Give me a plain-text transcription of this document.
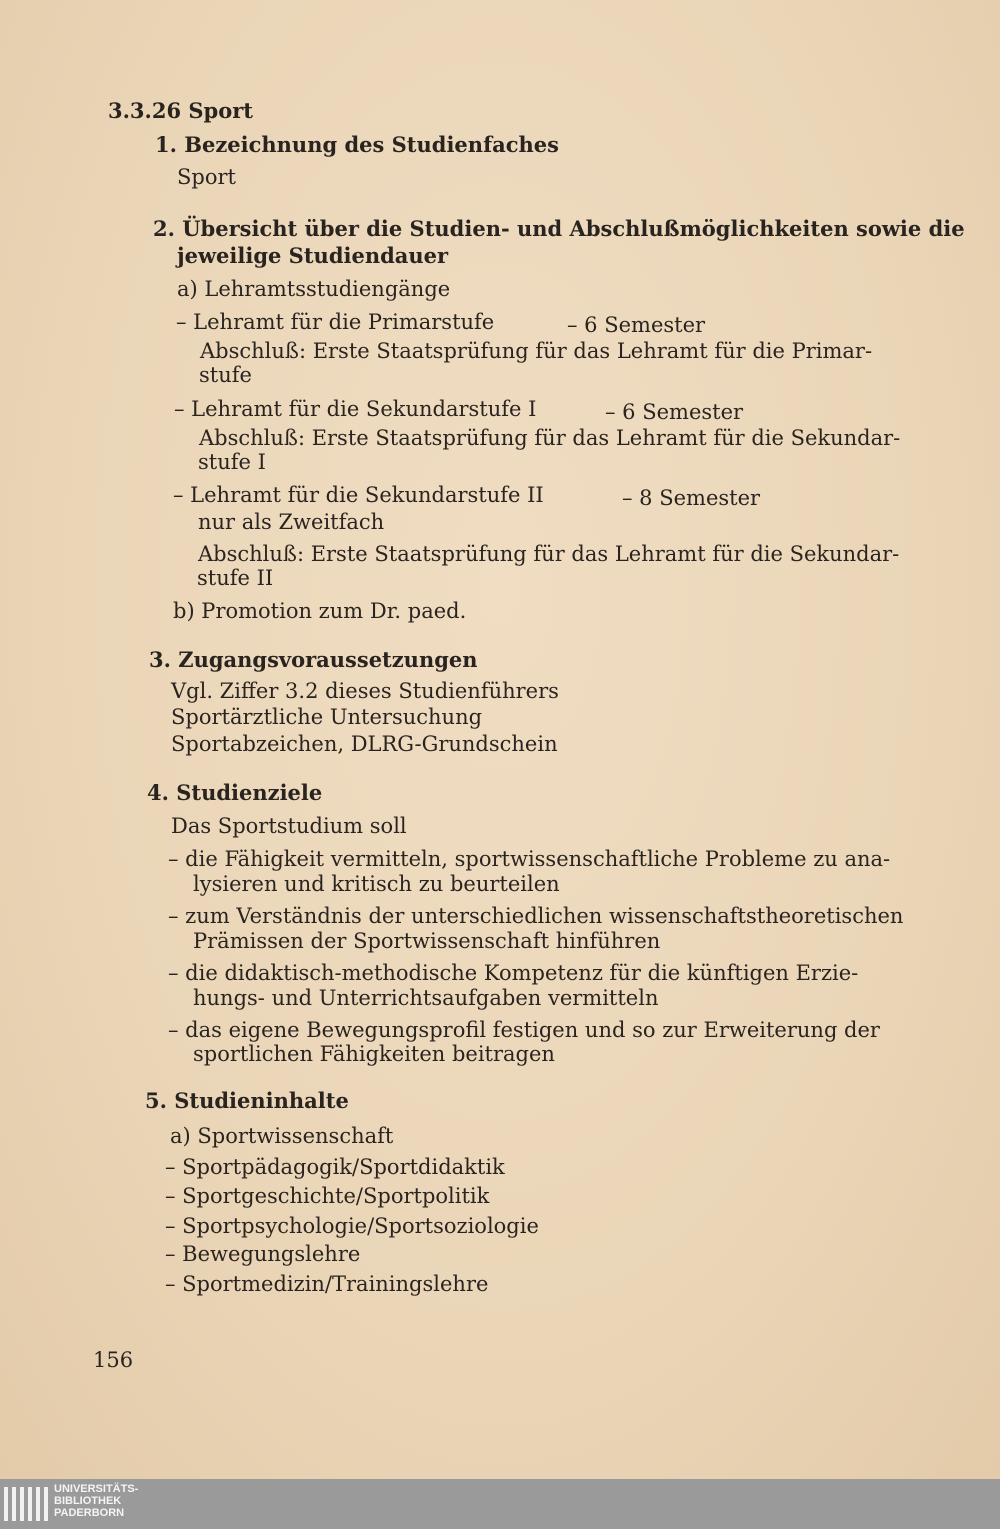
3.3.26 Sport
1. Bezeichnung des Studienfaches
Sport
2. Übersicht über die Studien- und Abschlußmöglichkeiten sowie die
jeweilige Studiendauer
a) Lehramtsstudiengänge
– Lehramt für die Primarstufe	– 6 Semester
Abschluß: Erste Staatsprüfung für das Lehramt für die Primar-
stufe
– Lehramt für die Sekundarstufe I	– 6 Semester
Abschluß: Erste Staatsprüfung für das Lehramt für die Sekundar-
stufe I
– Lehramt für die Sekundarstufe II	– 8 Semester
nur als Zweitfach
Abschluß: Erste Staatsprüfung für das Lehramt für die Sekundar-
stufe II
b) Promotion zum Dr. paed.
3. Zugangsvoraussetzungen
Vgl. Ziffer 3.2 dieses Studienführers
Sportärztliche Untersuchung
Sportabzeichen, DLRG-Grundschein
4. Studienziele
Das Sportstudium soll
– die Fähigkeit vermitteln, sportwissenschaftliche Probleme zu ana-
lysieren und kritisch zu beurteilen
– zum Verständnis der unterschiedlichen wissenschaftstheoretischen
Prämissen der Sportwissenschaft hinführen
– die didaktisch-methodische Kompetenz für die künftigen Erzie-
hungs- und Unterrichtsaufgaben vermitteln
– das eigene Bewegungsprofil festigen und so zur Erweiterung der
sportlichen Fähigkeiten beitragen
5. Studieninhalte
a) Sportwissenschaft
– Sportpädagogik/Sportdidaktik
– Sportgeschichte/Sportpolitik
– Sportpsychologie/Sportsoziologie
– Bewegungslehre
– Sportmedizin/Trainingslehre
156
UNIVERSITÄTS-
BIBLIOTHEK
PADERBORN
